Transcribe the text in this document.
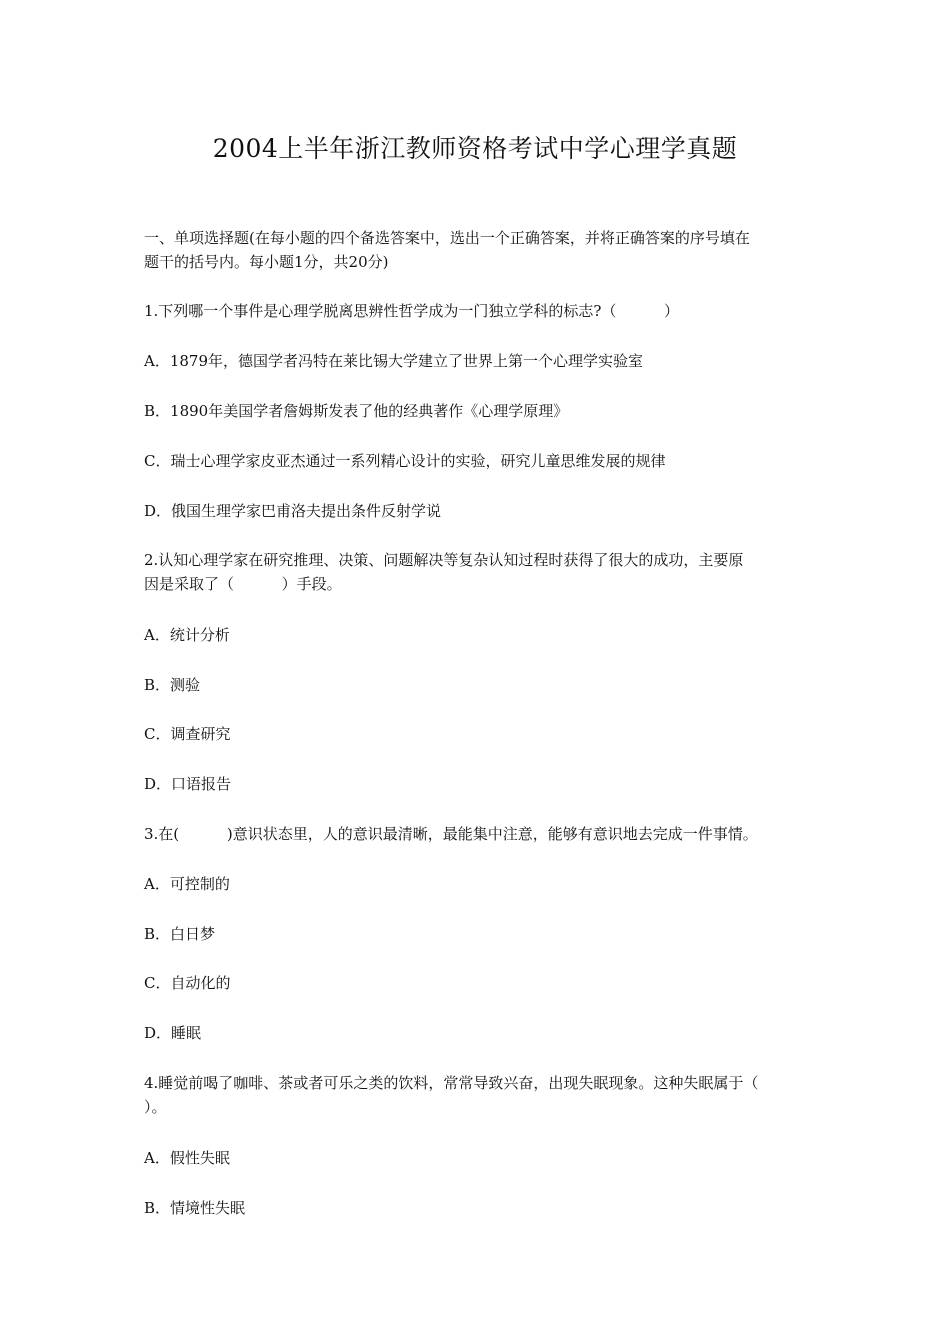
2004上半年浙江教师资格考试中学心理学真题
一、单项选择题(在每小题的四个备选答案中，选出一个正确答案，并将正确答案的序号填在
题干的括号内。每小题1分，共20分)
1.下列哪一个事件是心理学脱离思辨性哲学成为一门独立学科的标志?（          ）
A．1879年，德国学者冯特在莱比锡大学建立了世界上第一个心理学实验室
B．1890年美国学者詹姆斯发表了他的经典著作《心理学原理》
C．瑞士心理学家皮亚杰通过一系列精心设计的实验，研究儿童思维发展的规律
D．俄国生理学家巴甫洛夫提出条件反射学说
2.认知心理学家在研究推理、决策、问题解决等复杂认知过程时获得了很大的成功，主要原
因是采取了（          ）手段。
A．统计分析
B．测验
C．调查研究
D．口语报告
3.在(          )意识状态里，人的意识最清晰，最能集中注意，能够有意识地去完成一件事情。
A．可控制的
B．白日梦
C．自动化的
D．睡眠
4.睡觉前喝了咖啡、茶或者可乐之类的饮料，常常导致兴奋，出现失眠现象。这种失眠属于（
）。
A．假性失眠
B．情境性失眠
